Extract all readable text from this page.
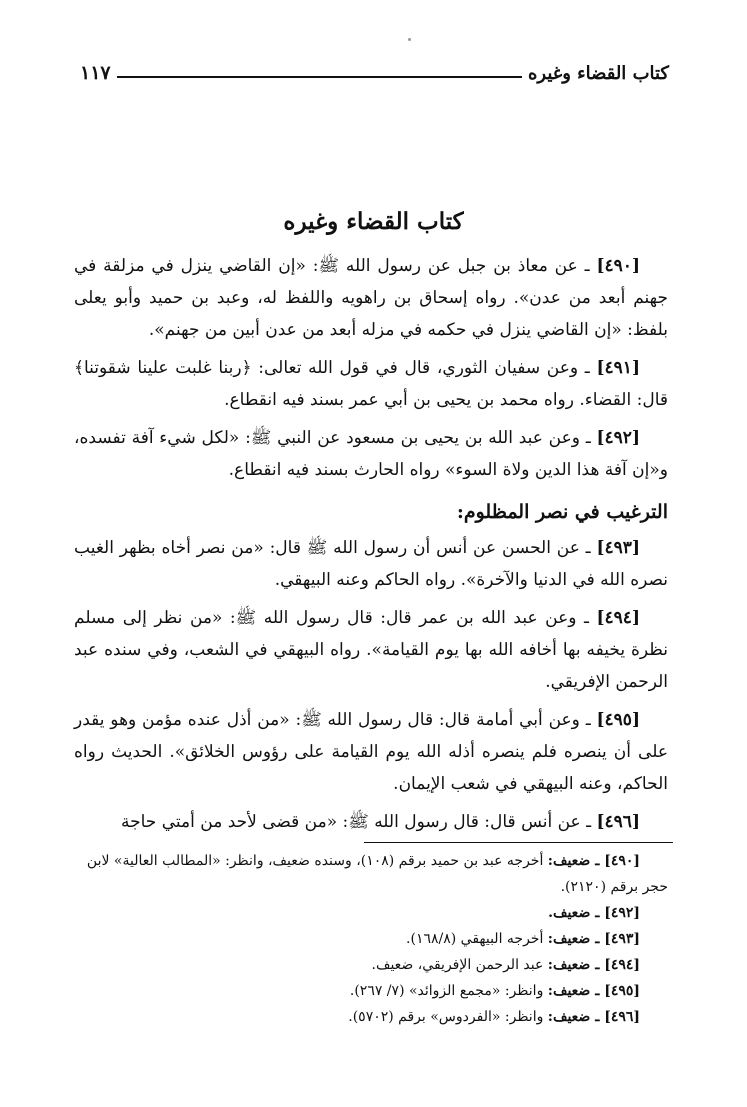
كتاب القضاء وغيره
١١٧
كتاب القضاء وغيره

[٤٩٠] ـ عن معاذ بن جبل عن رسول الله ﷺ: «إن القاضي ينزل في مزلقة في جهنم أبعد من عدن». رواه إسحاق بن راهويه واللفظ له، وعبد بن حميد وأبو يعلى بلفظ: «إن القاضي ينزل في حكمه في مزله أبعد من عدن أبين من جهنم».

[٤٩١] ـ وعن سفيان الثوري، قال في قول الله تعالى: ﴿ربنا غلبت علينا شقوتنا﴾ قال: القضاء. رواه محمد بن يحيى بن أبي عمر بسند فيه انقطاع.

[٤٩٢] ـ وعن عبد الله بن يحيى بن مسعود عن النبي ﷺ: «لكل شيء آفة تفسده، و«إن آفة هذا الدين ولاة السوء» رواه الحارث بسند فيه انقطاع.

الترغيب في نصر المظلوم:

[٤٩٣] ـ عن الحسن عن أنس أن رسول الله ﷺ قال: «من نصر أخاه بظهر الغيب نصره الله في الدنيا والآخرة». رواه الحاكم وعنه البيهقي.

[٤٩٤] ـ وعن عبد الله بن عمر قال: قال رسول الله ﷺ: «من نظر إلى مسلم نظرة يخيفه بها أخافه الله بها يوم القيامة». رواه البيهقي في الشعب، وفي سنده عبد الرحمن الإفريقي.

[٤٩٥] ـ وعن أبي أمامة قال: قال رسول الله ﷺ: «من أذل عنده مؤمن وهو يقدر على أن ينصره فلم ينصره أذله الله يوم القيامة على رؤوس الخلائق». الحديث رواه الحاكم، وعنه البيهقي في شعب الإيمان.

[٤٩٦] ـ عن أنس قال: قال رسول الله ﷺ: «من قضى لأحد من أمتي حاجة

[٤٩٠] ـ ضعيف: أخرجه عبد بن حميد برقم (١٠٨)، وسنده ضعيف، وانظر: «المطالب العالية» لابن حجر برقم (٢١٢٠).

[٤٩٢] ـ ضعيف.

[٤٩٣] ـ ضعيف: أخرجه البيهقي (١٦٨/٨).

[٤٩٤] ـ ضعيف: عبد الرحمن الإفريقي، ضعيف.

[٤٩٥] ـ ضعيف: وانظر: «مجمع الزوائد» (٧/ ٢٦٧).

[٤٩٦] ـ ضعيف: وانظر: «الفردوس» برقم (٥٧٠٢).
